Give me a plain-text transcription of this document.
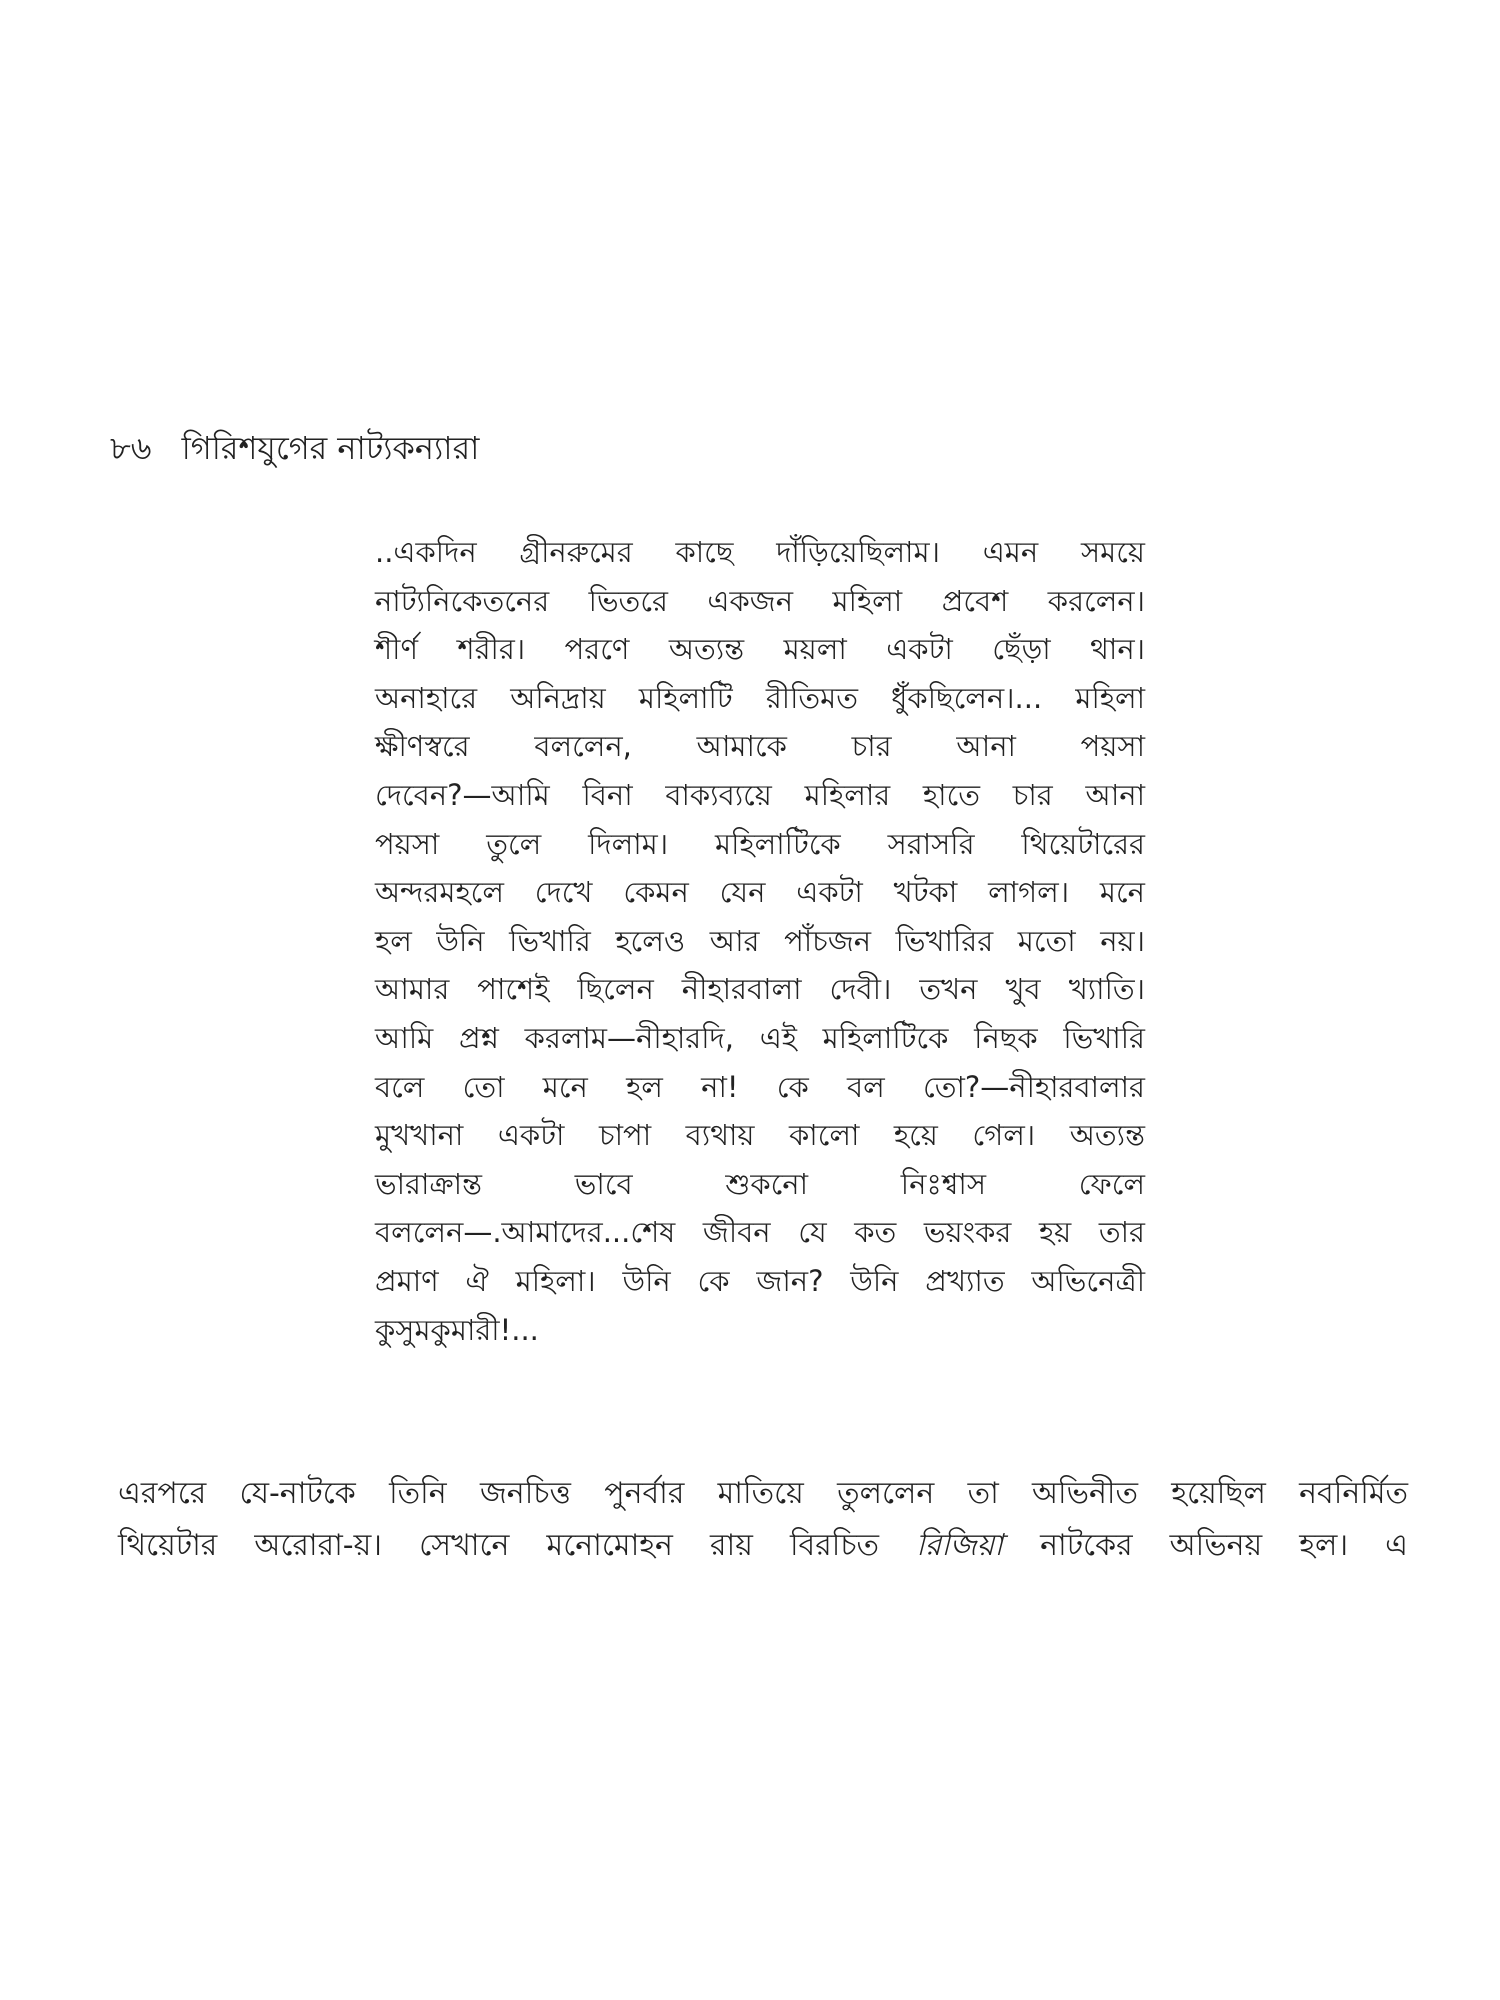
৮৬ গিরিশযুগের নাট্যকন্যারা
..একদিন গ্রীনরুমের কাছে দাঁড়িয়েছিলাম। এমন সময়ে
নাট্যনিকেতনের ভিতরে একজন মহিলা প্রবেশ করলেন।
শীর্ণ শরীর। পরণে অত্যন্ত ময়লা একটা ছেঁড়া থান।
অনাহারে অনিদ্রায় মহিলাটি রীতিমত ধুঁকছিলেন।... মহিলা
ক্ষীণস্বরে বললেন, আমাকে চার আনা পয়সা
দেবেন?—আমি বিনা বাক্যব্যয়ে মহিলার হাতে চার আনা
পয়সা তুলে দিলাম। মহিলাটিকে সরাসরি থিয়েটারের
অন্দরমহলে দেখে কেমন যেন একটা খটকা লাগল। মনে
হল উনি ভিখারি হলেও আর পাঁচজন ভিখারির মতো নয়।
আমার পাশেই ছিলেন নীহারবালা দেবী। তখন খুব খ্যাতি।
আমি প্রশ্ন করলাম—নীহারদি, এই মহিলাটিকে নিছক ভিখারি
বলে তো মনে হল না! কে বল তো?—নীহারবালার
মুখখানা একটা চাপা ব্যথায় কালো হয়ে গেল। অত্যন্ত
ভারাক্রান্ত ভাবে শুকনো নিঃশ্বাস ফেলে
বললেন—.আমাদের...শেষ জীবন যে কত ভয়ংকর হয় তার
প্রমাণ ঐ মহিলা। উনি কে জান? উনি প্রখ্যাত অভিনেত্রী
কুসুমকুমারী!...
এরপরে যে-নাটকে তিনি জনচিত্ত পুনর্বার মাতিয়ে তুললেন তা অভিনীত হয়েছিল নবনির্মিত
থিয়েটার অরোরা-য়। সেখানে মনোমোহন রায় বিরচিত রিজিয়া নাটকের অভিনয় হল। এ
